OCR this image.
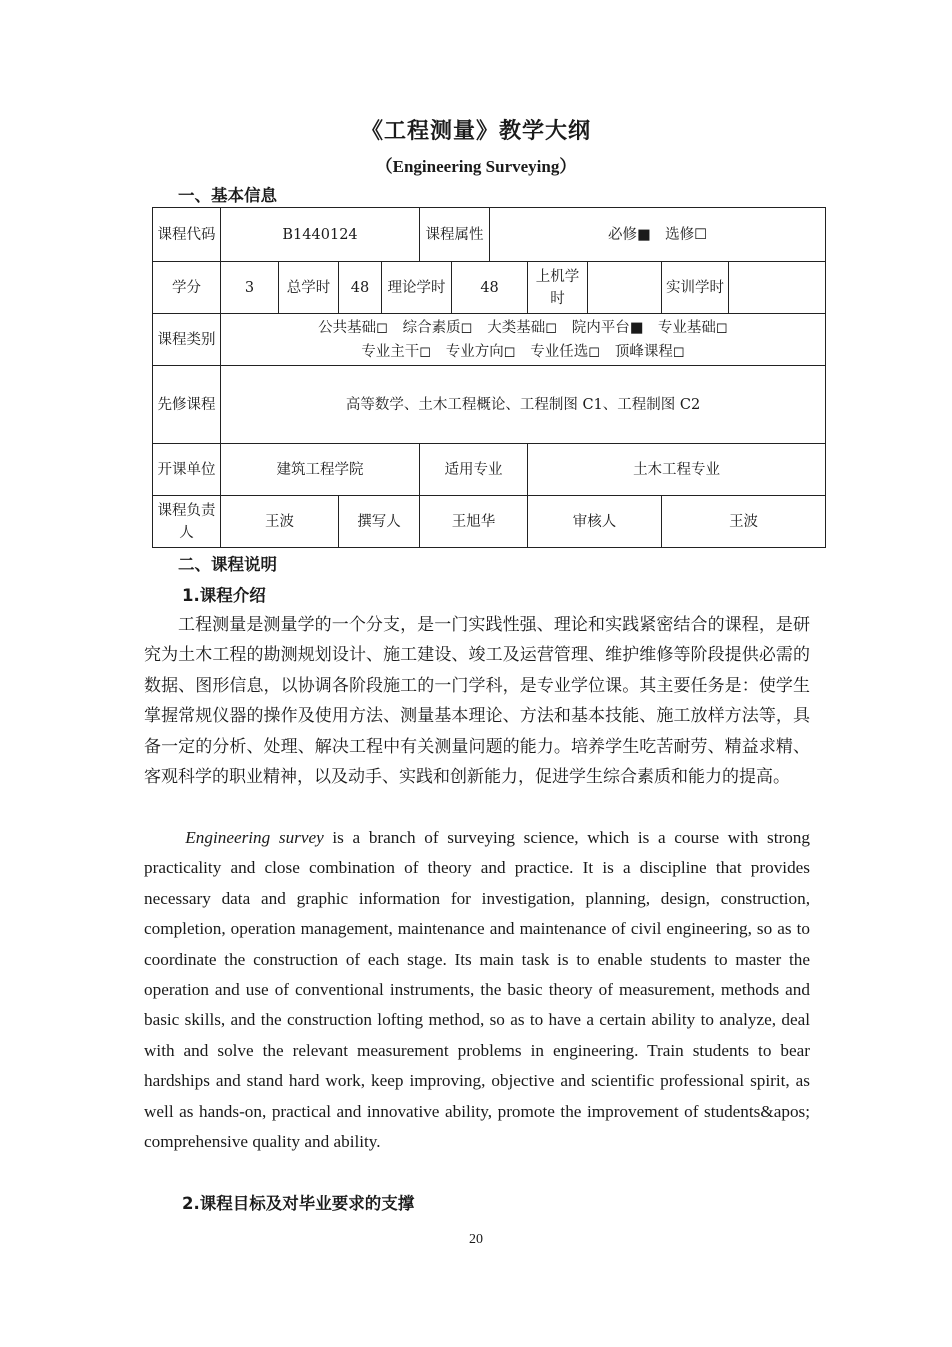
《工程测量》教学大纲
（Engineering Surveying）
一、基本信息
课程代码	B1440124				课程属性		必修■　选修☐				
学分	3	总学时	48	理论学时		48		上机学时		实训学时	
课程类别	公共基础◻　综合素质◻　大类基础◻　院内平台■　专业基础◻
专业主干◻　专业方向◻　专业任选◻　顶峰课程◻										

先修课程	高等数学、土木工程概论、工程制图 C1、工程制图 C2										
开课单位	建筑工程学院				适用专业			土木工程专业			
课程负责人	王波		撰写人		王旭华			审核人		王波	
二、课程说明
1.课程介绍
工程测量是测量学的一个分支，是一门实践性强、理论和实践紧密结合的课程，是研究为土木工程的勘测规划设计、施工建设、竣工及运营管理、维护维修等阶段提供必需的数据、图形信息，以协调各阶段施工的一门学科，是专业学位课。其主要任务是：使学生掌握常规仪器的操作及使用方法、测量基本理论、方法和基本技能、施工放样方法等，具备一定的分析、处理、解决工程中有关测量问题的能力。培养学生吃苦耐劳、精益求精、客观科学的职业精神，以及动手、实践和创新能力，促进学生综合素质和能力的提高。
Engineering survey is a branch of surveying science, which is a course with strong practicality and close combination of theory and practice. It is a discipline that provides necessary data and graphic information for investigation, planning, design, construction, completion, operation management, maintenance and maintenance of civil engineering, so as to coordinate the construction of each stage. Its main task is to enable students to master the operation and use of conventional instruments, the basic theory of measurement, methods and basic skills, and the construction lofting method, so as to have a certain ability to analyze, deal with and solve the relevant measurement problems in engineering. Train students to bear hardships and stand hard work, keep improving, objective and scientific professional spirit, as well as hands-on, practical and innovative ability, promote the improvement of students&apos; comprehensive quality and ability.
2.课程目标及对毕业要求的支撑
20
